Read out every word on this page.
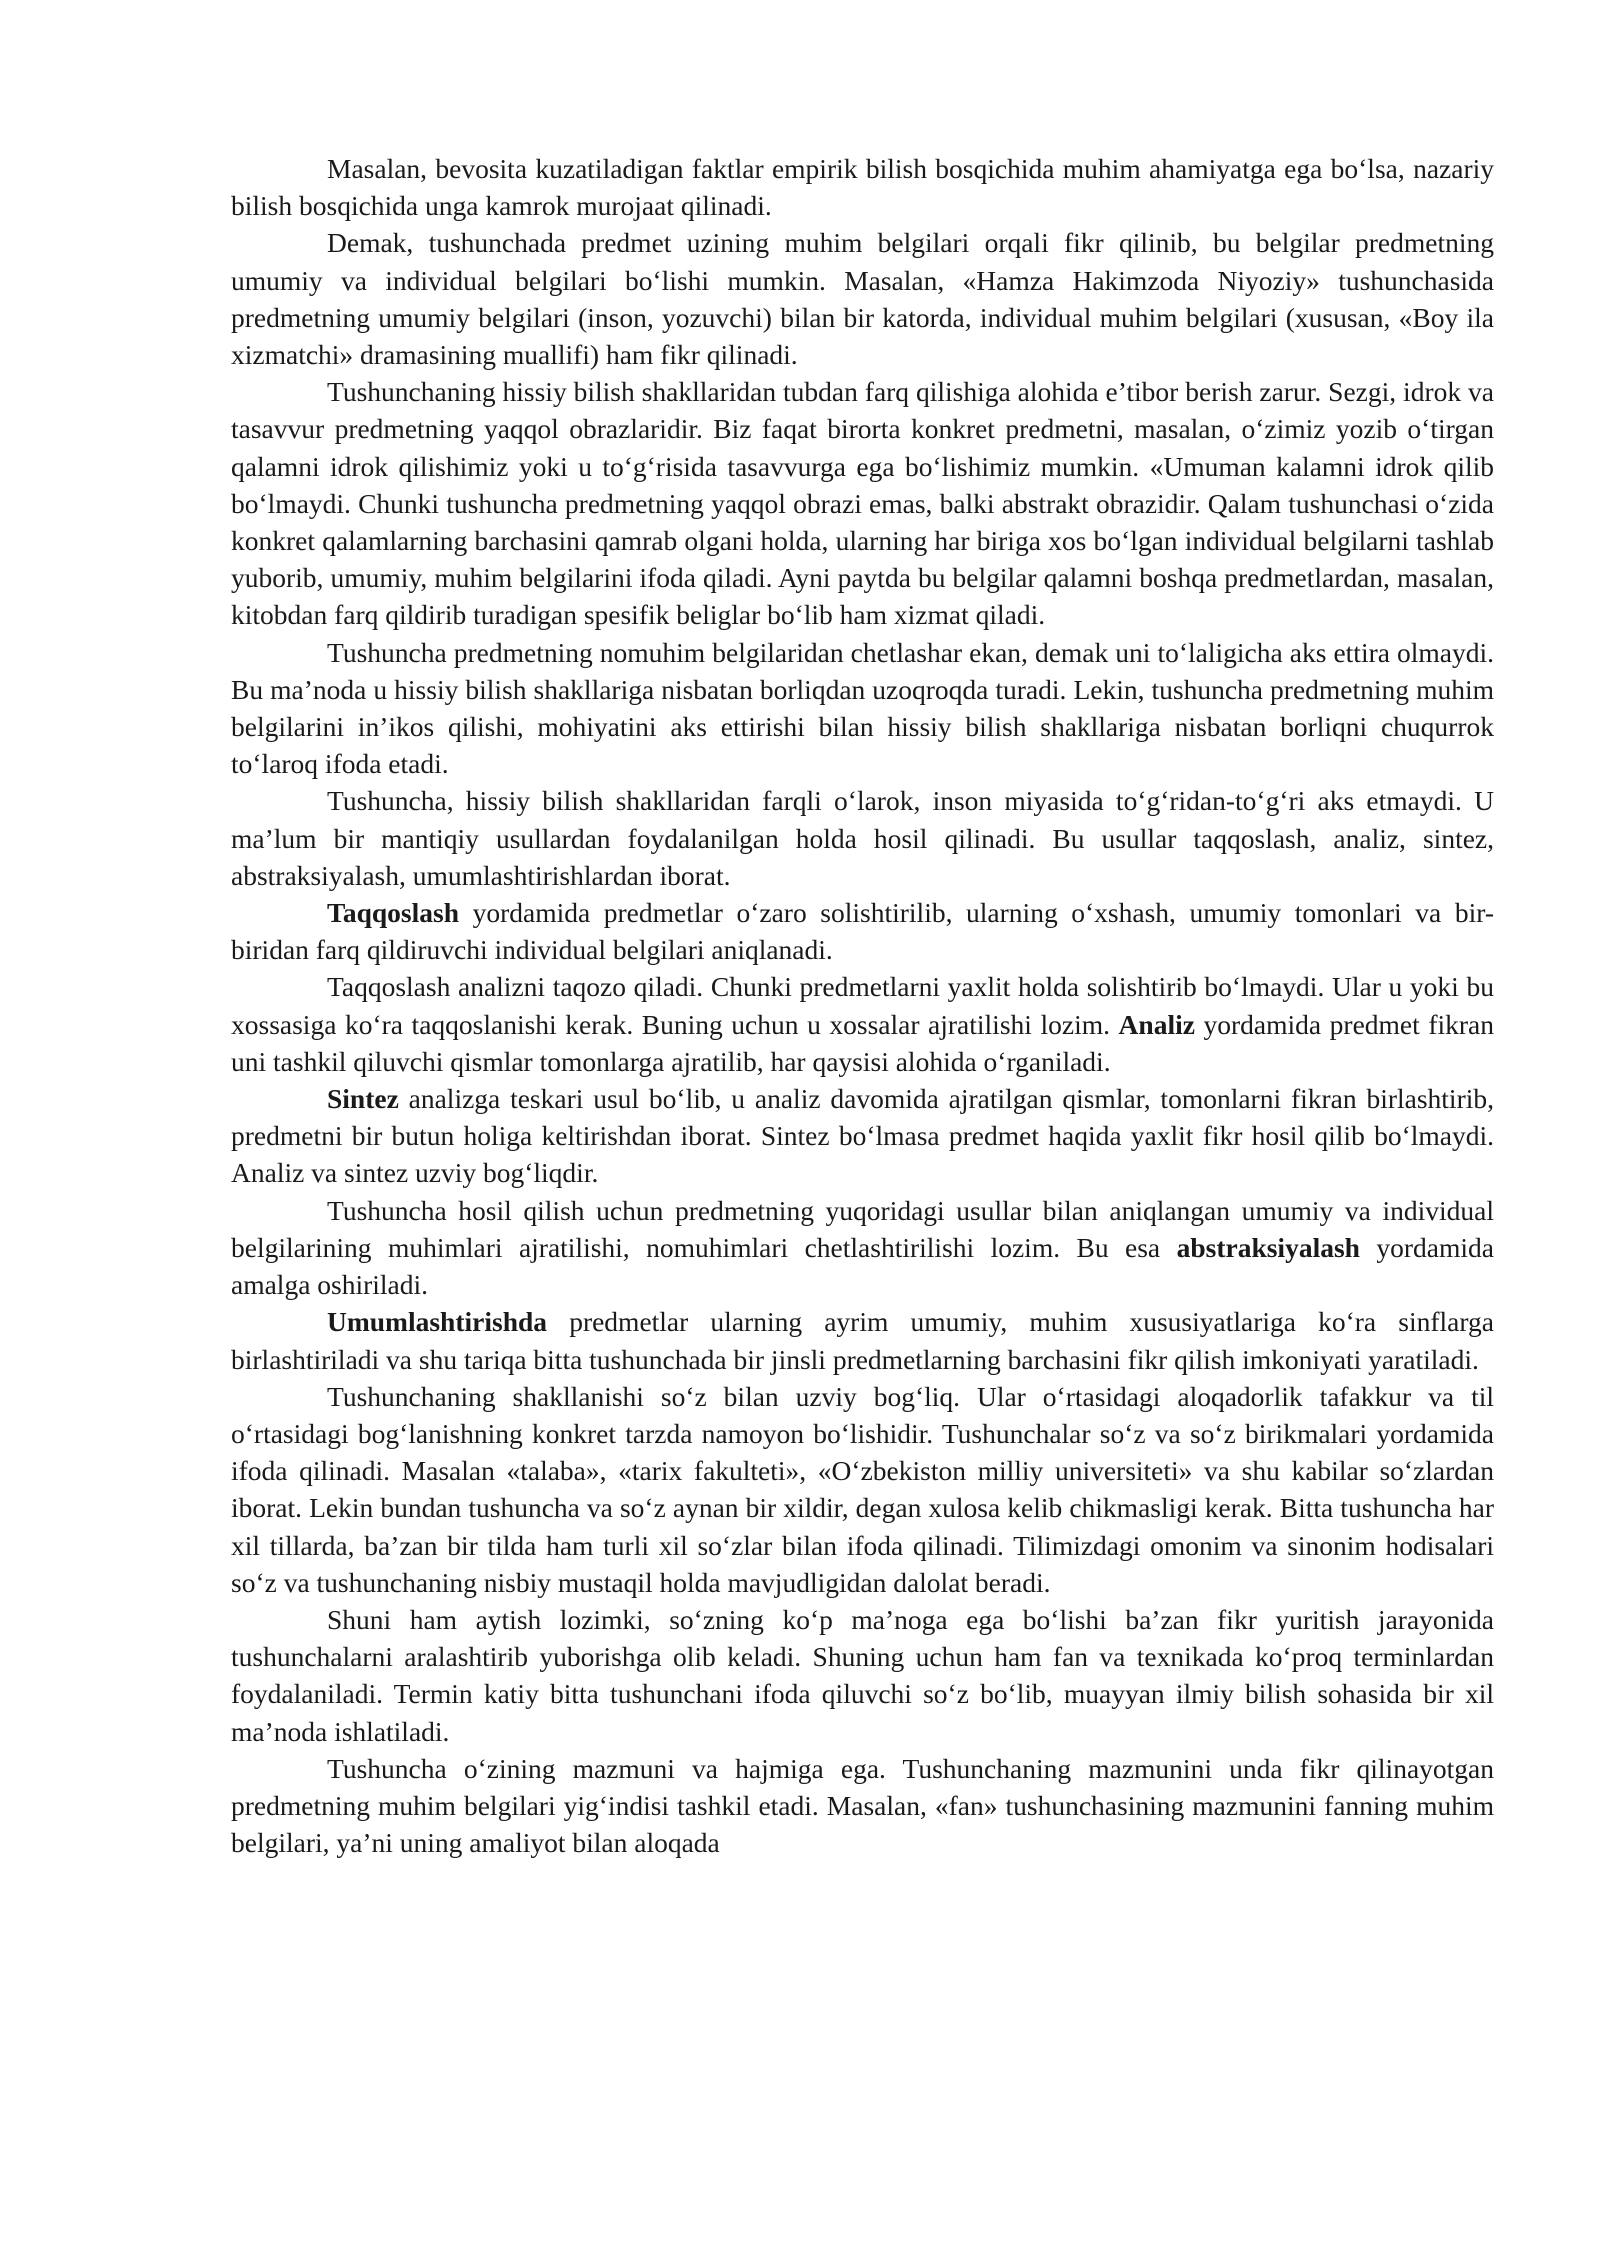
Masalan, bevosita kuzatiladigan faktlar empirik bilish bosqichida muhim ahamiyatga ega bo‘lsa, nazariy bilish bosqichida unga kamrok murojaat qilinadi.

Demak, tushunchada predmet uzining muhim belgilari orqali fikr qilinib, bu belgilar predmetning umumiy va individual belgilari bo‘lishi mumkin. Masalan, «Hamza Hakimzoda Niyoziy» tushunchasida predmetning umumiy belgilari (inson, yozuvchi) bilan bir katorda, individual muhim belgilari (xususan, «Boy ila xizmatchi» dramasining muallifi) ham fikr qilinadi.

Tushunchaning hissiy bilish shakllaridan tubdan farq qilishiga alohida e’tibor berish zarur. Sezgi, idrok va tasavvur predmetning yaqqol obrazlaridir. Biz faqat birorta konkret predmetni, masalan, o‘zimiz yozib o‘tirgan qalamni idrok qilishimiz yoki u to‘g‘risida tasavvurga ega bo‘lishimiz mumkin. «Umuman kalamni idrok qilib bo‘lmaydi. Chunki tushuncha predmetning yaqqol obrazi emas, balki abstrakt obrazidir. Qalam tushunchasi o‘zida konkret qalamlarning barchasini qamrab olgani holda, ularning har biriga xos bo‘lgan individual belgilarni tashlab yuborib, umumiy, muhim belgilarini ifoda qiladi. Ayni paytda bu belgilar qalamni boshqa predmetlardan, masalan, kitobdan farq qildirib turadigan spesifik beliglar bo‘lib ham xizmat qiladi.

Tushuncha predmetning nomuhim belgilaridan chetlashar ekan, demak uni to‘laligicha aks ettira olmaydi. Bu ma’noda u hissiy bilish shakllariga nisbatan borliqdan uzoqroqda turadi. Lekin, tushuncha predmetning muhim belgilarini in’ikos qilishi, mohiyatini aks ettirishi bilan hissiy bilish shakllariga nisbatan borliqni chuqurrok to‘laroq ifoda etadi.

Tushuncha, hissiy bilish shakllaridan farqli o‘larok, inson miyasida to‘g‘ridan-to‘g‘ri aks etmaydi. U ma’lum bir mantiqiy usullardan foydalanilgan holda hosil qilinadi. Bu usullar taqqoslash, analiz, sintez, abstraksiyalash, umumlashtirishlardan iborat.

Taqqoslash yordamida predmetlar o‘zaro solishtirilib, ularning o‘xshash, umumiy tomonlari va bir-biridan farq qildiruvchi individual belgilari aniqlanadi.

Taqqoslash analizni taqozo qiladi. Chunki predmetlarni yaxlit holda solishtirib bo‘lmaydi. Ular u yoki bu xossasiga ko‘ra taqqoslanishi kerak. Buning uchun u xossalar ajratilishi lozim. Analiz yordamida predmet fikran uni tashkil qiluvchi qismlar tomonlarga ajratilib, har qaysisi alohida o‘rganiladi.

Sintez analizga teskari usul bo‘lib, u analiz davomida ajratilgan qismlar, tomonlarni fikran birlashtirib, predmetni bir butun holiga keltirishdan iborat. Sintez bo‘lmasa predmet haqida yaxlit fikr hosil qilib bo‘lmaydi. Analiz va sintez uzviy bog‘liqdir.

Tushuncha hosil qilish uchun predmetning yuqoridagi usullar bilan aniqlangan umumiy va individual belgilarining muhimlari ajratilishi, nomuhimlari chetlashtirilishi lozim. Bu esa abstraksiyalash yordamida amalga oshiriladi.

Umumlashtirishda predmetlar ularning ayrim umumiy, muhim xususiyatlariga ko‘ra sinflarga birlashtiriladi va shu tariqa bitta tushunchada bir jinsli predmetlarning barchasini fikr qilish imkoniyati yaratiladi.

Tushunchaning shakllanishi so‘z bilan uzviy bog‘liq. Ular o‘rtasidagi aloqadorlik tafakkur va til o‘rtasidagi bog‘lanishning konkret tarzda namoyon bo‘lishidir. Tushunchalar so‘z va so‘z birikmalari yordamida ifoda qilinadi. Masalan «talaba», «tarix fakulteti», «O‘zbekiston milliy universiteti» va shu kabilar so‘zlardan iborat. Lekin bundan tushuncha va so‘z aynan bir xildir, degan xulosa kelib chikmasligi kerak. Bitta tushuncha har xil tillarda, ba’zan bir tilda ham turli xil so‘zlar bilan ifoda qilinadi. Tilimizdagi omonim va sinonim hodisalari so‘z va tushunchaning nisbiy mustaqil holda mavjudligidan dalolat beradi.

Shuni ham aytish lozimki, so‘zning ko‘p ma’noga ega bo‘lishi ba’zan fikr yuritish jarayonida tushunchalarni aralashtirib yuborishga olib keladi. Shuning uchun ham fan va texnikada ko‘proq terminlardan foydalaniladi. Termin katiy bitta tushunchani ifoda qiluvchi so‘z bo‘lib, muayyan ilmiy bilish sohasida bir xil ma’noda ishlatiladi.

Tushuncha o‘zining mazmuni va hajmiga ega. Tushunchaning mazmunini unda fikr qilinayotgan predmetning muhim belgilari yig‘indisi tashkil etadi. Masalan, «fan» tushunchasining mazmunini fanning muhim belgilari, ya’ni uning amaliyot bilan aloqada
